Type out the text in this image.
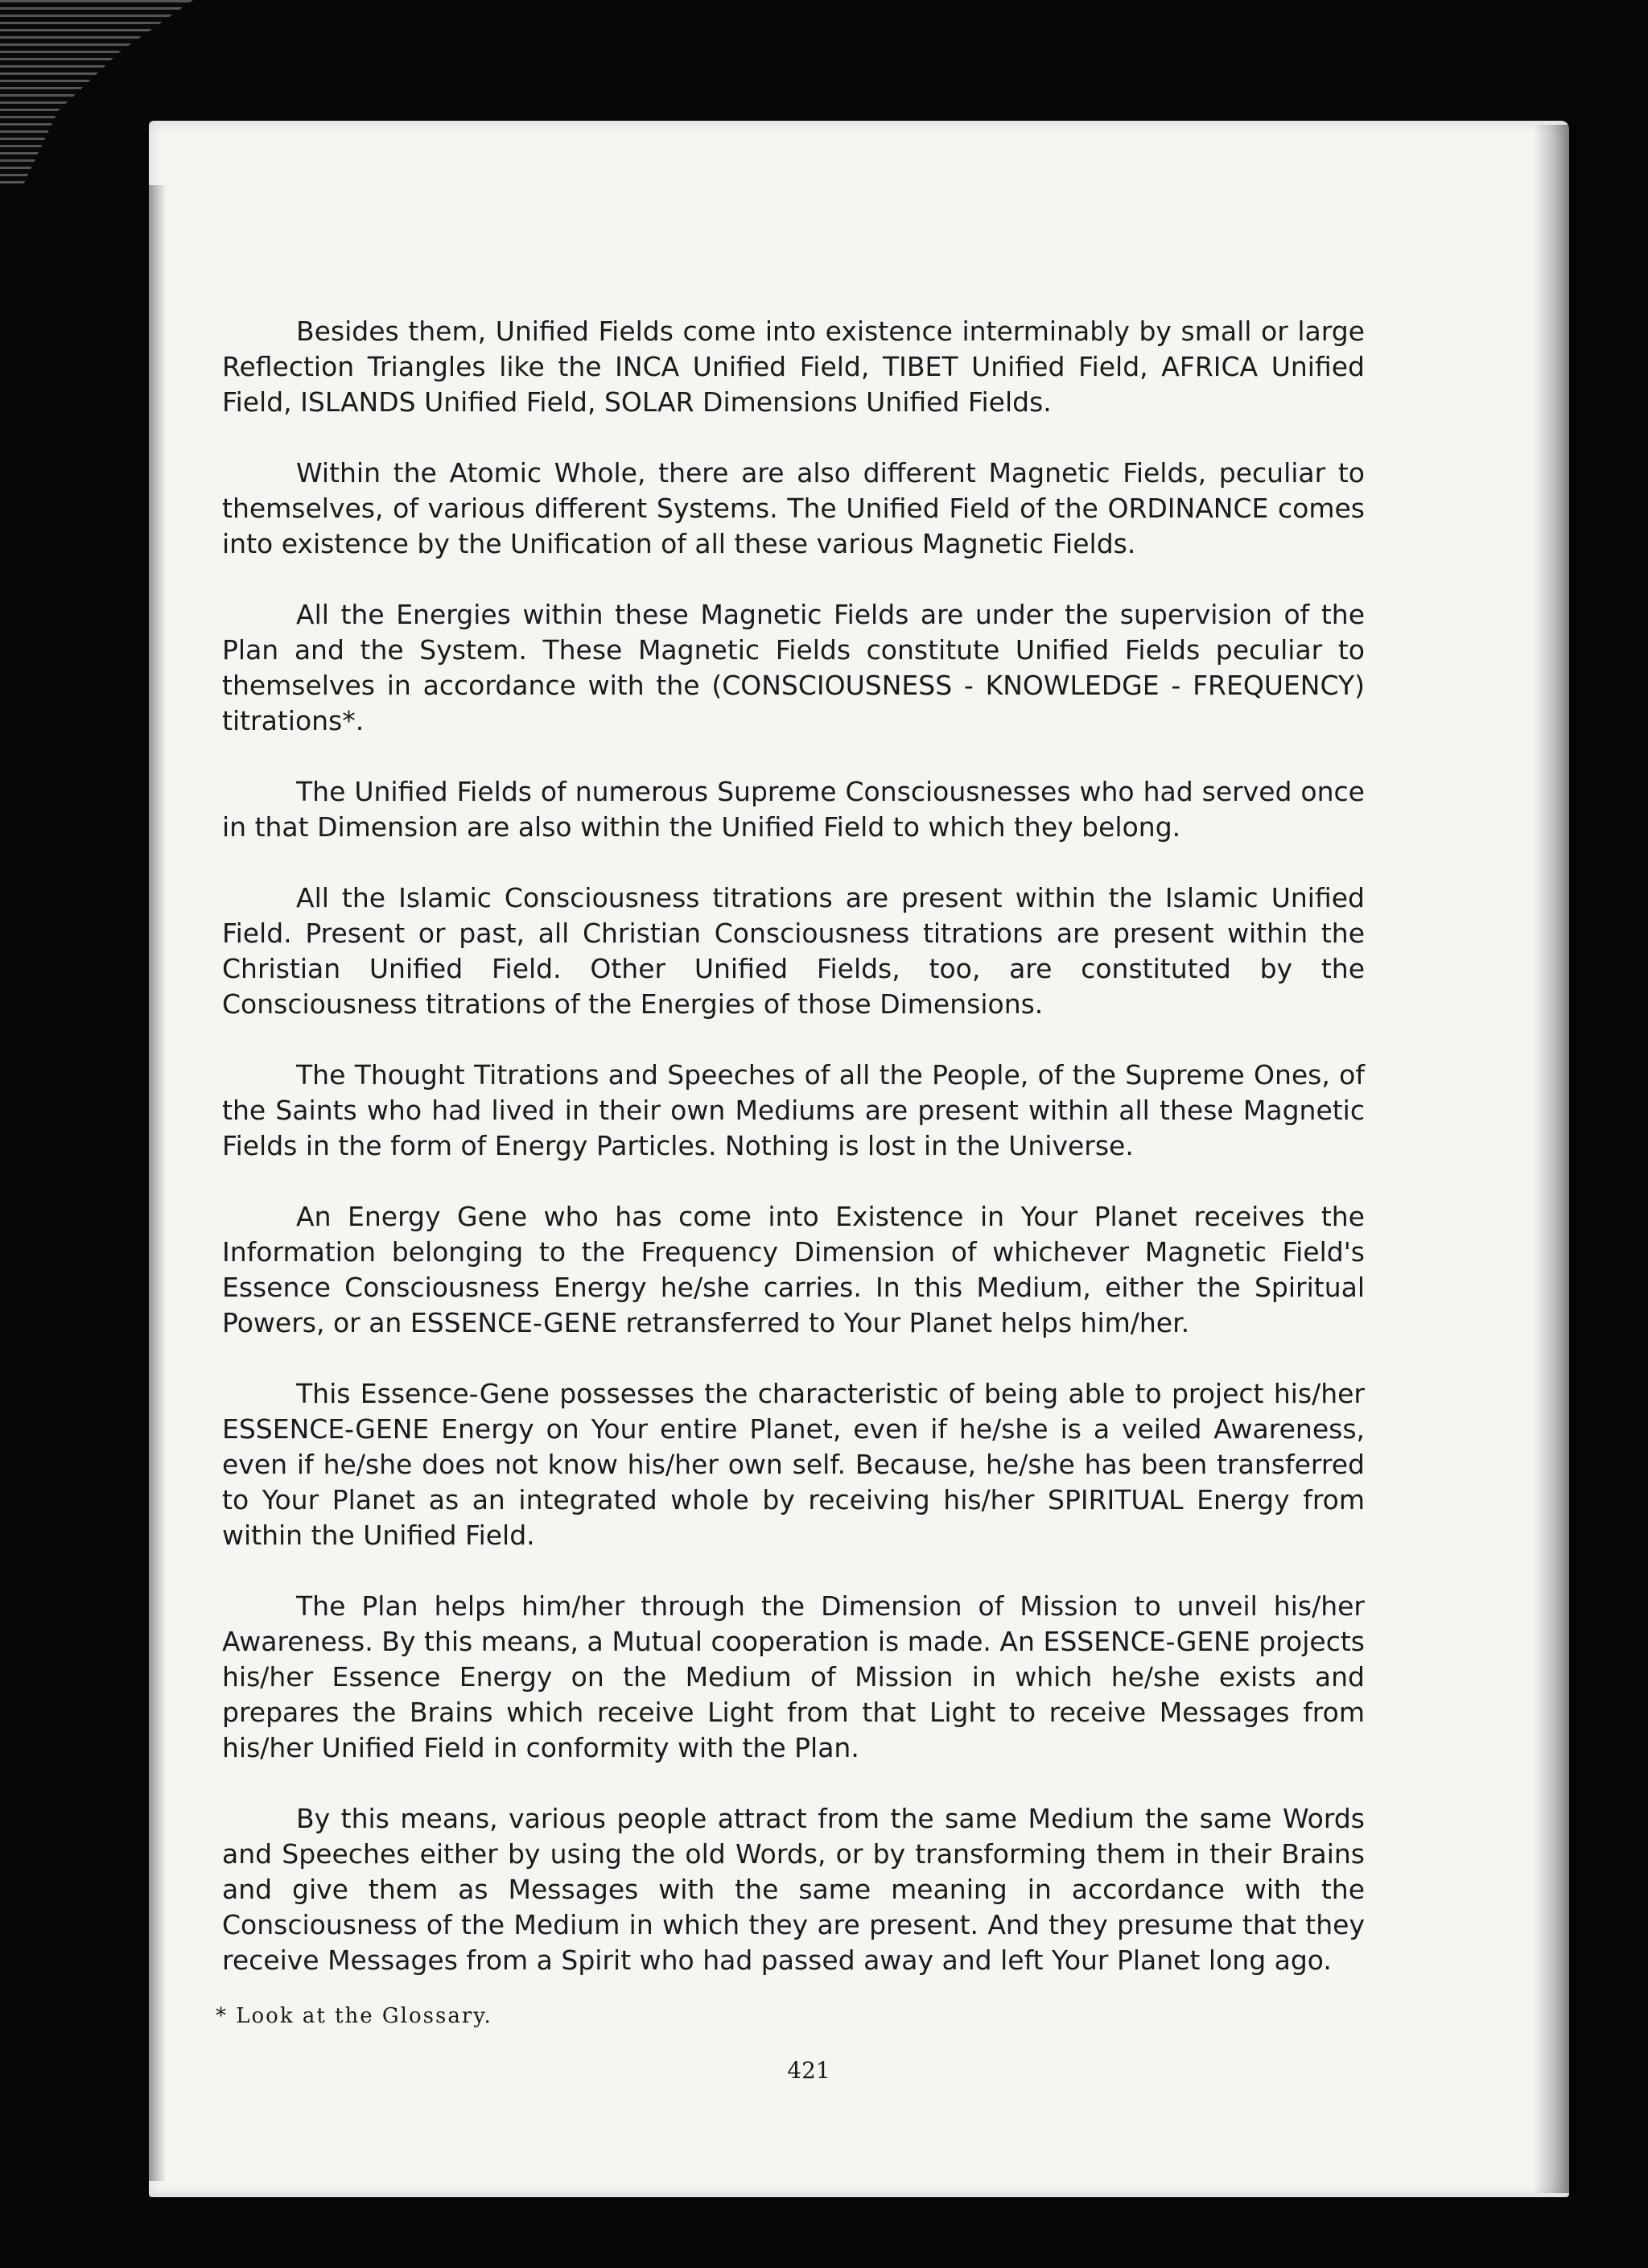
Besides them, Unified Fields come into existence interminably by small or large Reflection Triangles like the INCA Unified Field, TIBET Unified Field, AFRICA Unified Field, ISLANDS Unified Field, SOLAR Dimensions Unified Fields.

Within the Atomic Whole, there are also different Magnetic Fields, peculiar to themselves, of various different Systems. The Unified Field of the ORDINANCE comes into existence by the Unification of all these various Magnetic Fields.

All the Energies within these Magnetic Fields are under the supervision of the Plan and the System. These Magnetic Fields constitute Unified Fields peculiar to themselves in accordance with the (CONSCIOUSNESS - KNOWLEDGE - FREQUENCY) titrations*.

The Unified Fields of numerous Supreme Consciousnesses who had served once in that Dimension are also within the Unified Field to which they belong.

All the Islamic Consciousness titrations are present within the Islamic Unified Field. Present or past, all Christian Consciousness titrations are present within the Christian Unified Field. Other Unified Fields, too, are constituted by the Consciousness titrations of the Energies of those Dimensions.

The Thought Titrations and Speeches of all the People, of the Supreme Ones, of the Saints who had lived in their own Mediums are present within all these Magnetic Fields in the form of Energy Particles. Nothing is lost in the Universe.

An Energy Gene who has come into Existence in Your Planet receives the Information belonging to the Frequency Dimension of whichever Magnetic Field's Essence Consciousness Energy he/she carries. In this Medium, either the Spiritual Powers, or an ESSENCE-GENE retransferred to Your Planet helps him/her.

This Essence-Gene possesses the characteristic of being able to project his/her ESSENCE-GENE Energy on Your entire Planet, even if he/she is a veiled Awareness, even if he/she does not know his/her own self. Because, he/she has been transferred to Your Planet as an integrated whole by receiving his/her SPIRITUAL Energy from within the Unified Field.

The Plan helps him/her through the Dimension of Mission to unveil his/her Awareness. By this means, a Mutual cooperation is made. An ESSENCE-GENE projects his/her Essence Energy on the Medium of Mission in which he/she exists and prepares the Brains which receive Light from that Light to receive Messages from his/her Unified Field in conformity with the Plan.

By this means, various people attract from the same Medium the same Words and Speeches either by using the old Words, or by transforming them in their Brains and give them as Messages with the same meaning in accordance with the Consciousness of the Medium in which they are present. And they presume that they receive Messages from a Spirit who had passed away and left Your Planet long ago.

* Look at the Glossary.
421
